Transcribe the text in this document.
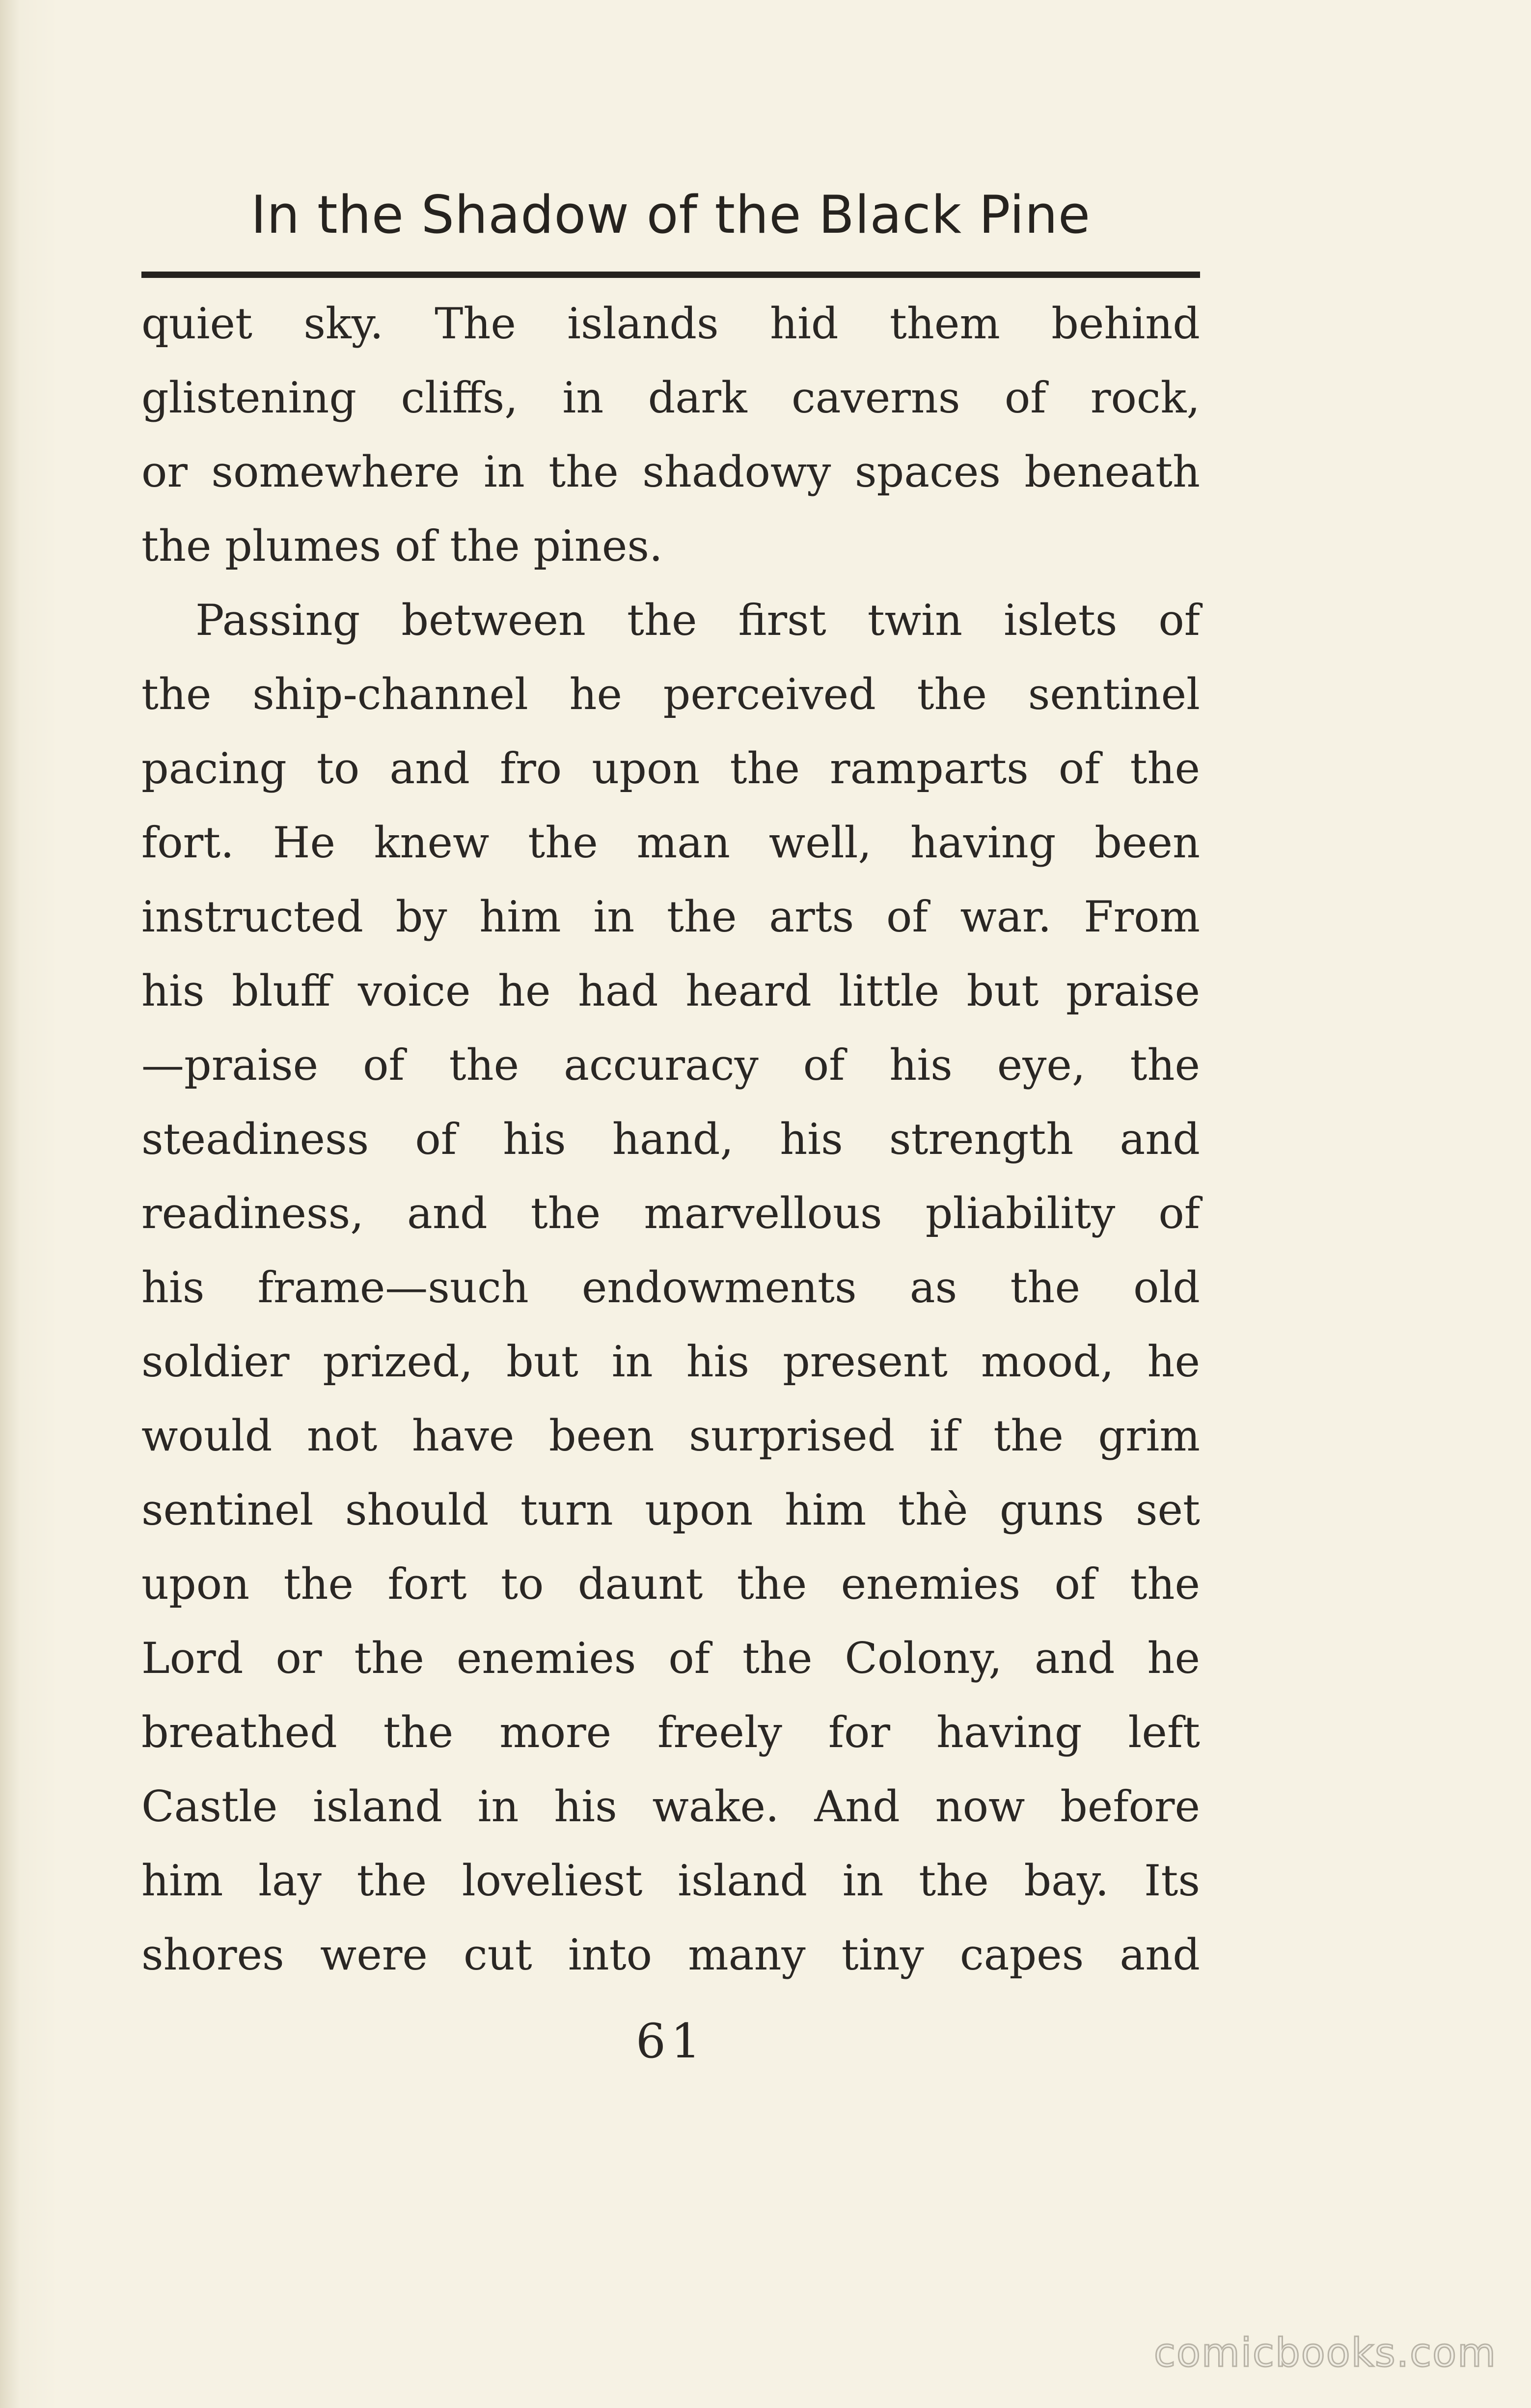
In the Shadow of the Black Pine
quiet sky. The islands hid them behind
glistening cliffs, in dark caverns of rock,
or somewhere in the shadowy spaces beneath
the plumes of the pines.
Passing between the first twin islets of
the ship-channel he perceived the sentinel
pacing to and fro upon the ramparts of the
fort. He knew the man well, having been
instructed by him in the arts of war. From
his bluff voice he had heard little but praise
—praise of the accuracy of his eye, the
steadiness of his hand, his strength and
readiness, and the marvellous pliability of
his frame—such endowments as the old
soldier prized, but in his present mood, he
would not have been surprised if the grim
sentinel should turn upon him thè guns set
upon the fort to daunt the enemies of the
Lord or the enemies of the Colony, and he
breathed the more freely for having left
Castle island in his wake. And now before
him lay the loveliest island in the bay. Its
shores were cut into many tiny capes and
61
comicbooks.com
